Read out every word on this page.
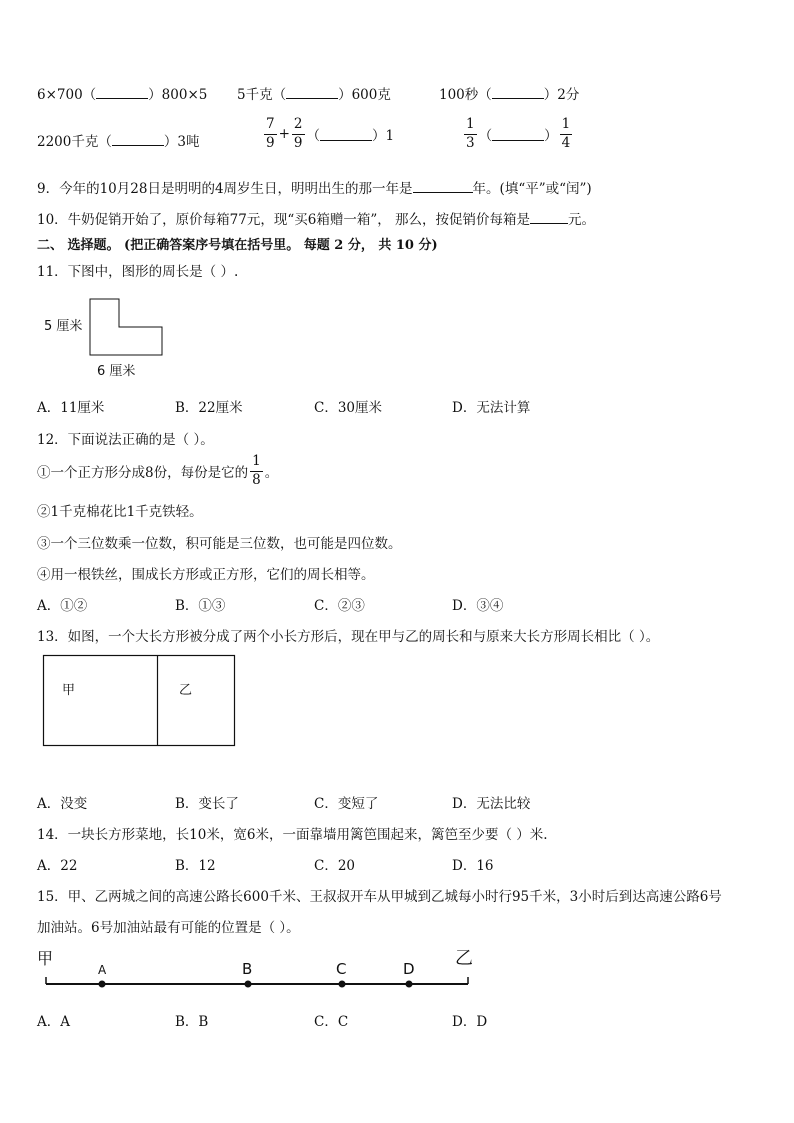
6×700（	）800×5 5千克（	）600克	100秒（	）2分
2200千克（	）3吨	$\frac{7}{9} + \frac{2}{9}$ （	）1	$\frac{1}{3}$ （	） $\frac{1}{4}$
9．今年的10月28日是明明的4周岁生日，明明出生的那一年是	年。(填“平”或“闰”)
10．牛奶促销开始了，原价每箱77元，现“买6箱赠一箱”， 那么，按促销价每箱是	元。
二、 选择题。 (把正确答案序号填在括号里。 每题 2 分， 共 10 分)
11．下图中，图形的周长是（ ）.
5 厘米
6 厘米
A．11厘米	B．22厘米	C．30厘米	D．无法计算
12．下面说法正确的是（ ）。
①一个正方形分成8份，每份是它的 $\frac{1}{8}$ 。
②1千克棉花比1千克铁轻。
③一个三位数乘一位数，积可能是三位数，也可能是四位数。
④用一根铁丝，围成长方形或正方形，它们的周长相等。
A．①②	B．①③	C．②③	D．③④
13．如图，一个大长方形被分成了两个小长方形后，现在甲与乙的周长和与原来大长方形周长相比（ ）。
甲	乙
A．没变	B．变长了	C．变短了	D．无法比较
14．一块长方形菜地，长10米，宽6米，一面靠墙用篱笆围起来，篱笆至少要（ ）米.
A．22	B．12	C．20	D．16
15．甲、乙两城之间的高速公路长600千米、王叔叔开车从甲城到乙城每小时行95千米，3小时后到达高速公路6号
加油站。6号加油站最有可能的位置是（ ）。
甲	乙
A	B	C	D
A．A	B．B	C．C	D．D
